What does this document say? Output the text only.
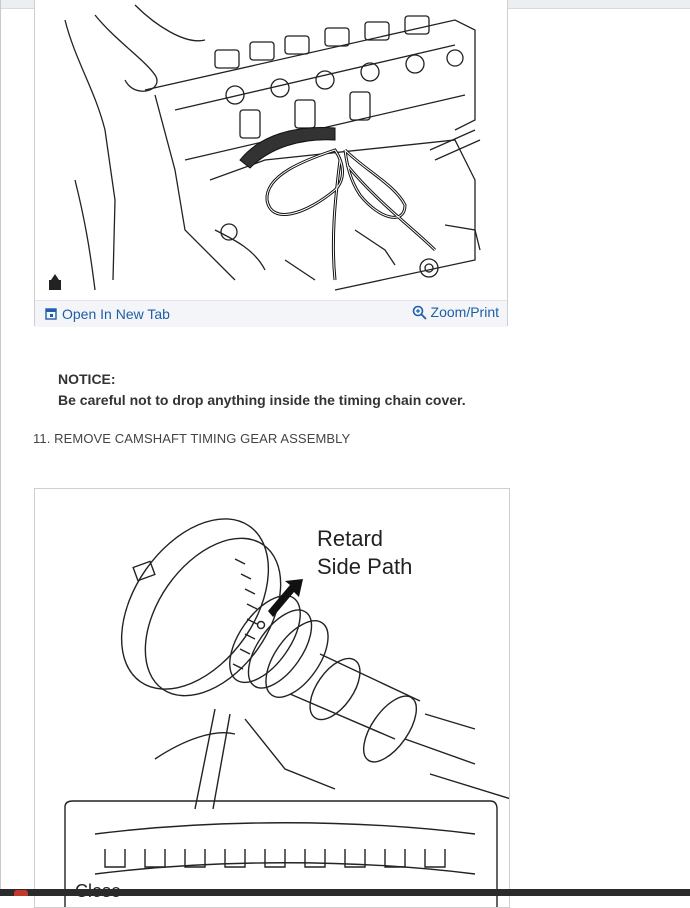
Open In New Tab	Zoom/Print
NOTICE:
Be careful not to drop anything inside the timing chain cover.
11. REMOVE CAMSHAFT TIMING GEAR ASSEMBLY
Retard
Side Path
